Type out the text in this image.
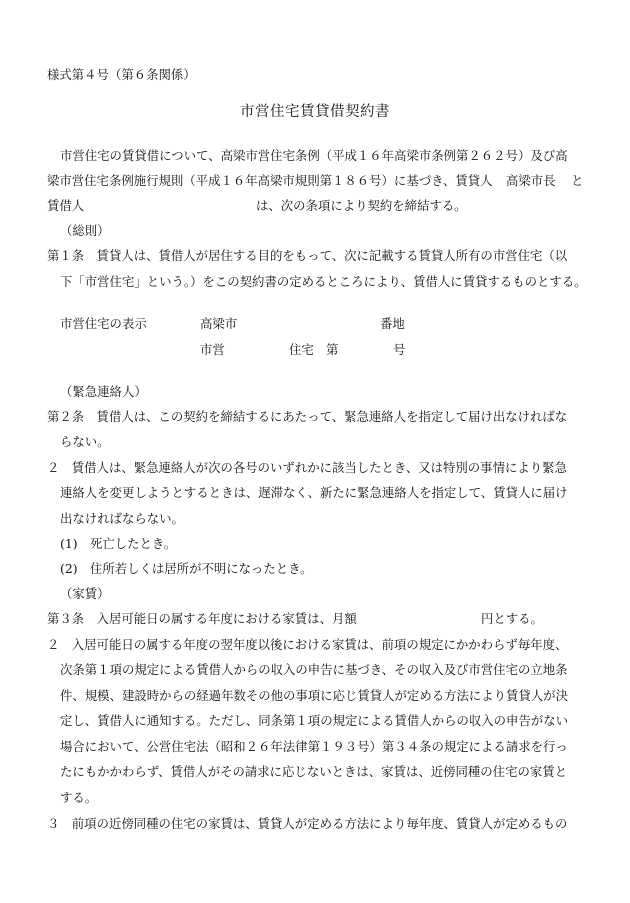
様式第４号（第６条関係）
市営住宅賃貸借契約書
市営住宅の賃貸借について、高梁市営住宅条例（平成１６年高梁市条例第２６２号）及び高
梁市営住宅条例施行規則（平成１６年高梁市規則第１８６号）に基づき、賃貸人 高梁市長 と
賃借人	は、次の条項により契約を締結する。
（総則）
第１条　賃貸人は、賃借人が居住する目的をもって、次に記載する賃貸人所有の市営住宅（以
下「市営住宅」という。）をこの契約書の定めるところにより、賃借人に賃貸するものとする。
市営住宅の表示	高梁市	番地
市営	住宅 第	号
（緊急連絡人）
第２条　賃借人は、この契約を締結するにあたって、緊急連絡人を指定して届け出なければな
らない。
２　賃借人は、緊急連絡人が次の各号のいずれかに該当したとき、又は特別の事情により緊急
連絡人を変更しようとするときは、遅滞なく、新たに緊急連絡人を指定して、賃貸人に届け
出なければならない。
(1)　死亡したとき。
(2)　住所若しくは居所が不明になったとき。
（家賃）
第３条　入居可能日の属する年度における家賃は、月額	円とする。
２　入居可能日の属する年度の翌年度以後における家賃は、前項の規定にかかわらず毎年度、
次条第１項の規定による賃借人からの収入の申告に基づき、その収入及び市営住宅の立地条
件、規模、建設時からの経過年数その他の事項に応じ賃貸人が定める方法により賃貸人が決
定し、賃借人に通知する。ただし、同条第１項の規定による賃借人からの収入の申告がない
場合において、公営住宅法（昭和２６年法律第１９３号）第３４条の規定による請求を行っ
たにもかかわらず、賃借人がその請求に応じないときは、家賃は、近傍同種の住宅の家賃と
する。
３　前項の近傍同種の住宅の家賃は、賃貸人が定める方法により毎年度、賃貸人が定めるもの
